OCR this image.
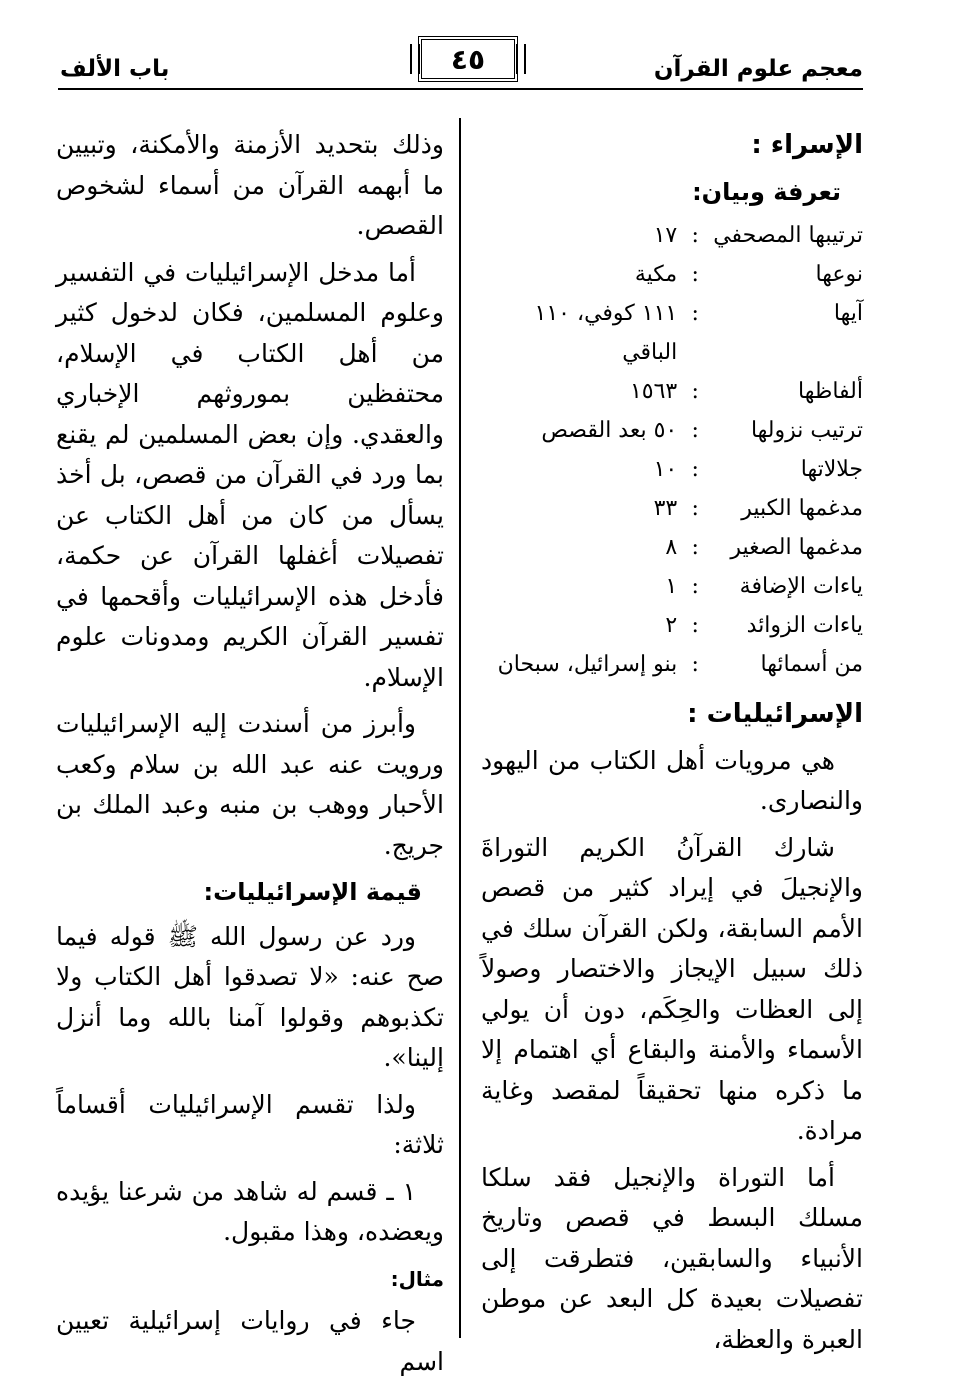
معجم علوم القرآن
٤٥
باب الألف
الإسراء :
تعرفة وبيان:
ترتيبها المصحفي	:	١٧
نوعها	:	مكية
آيها	:	١١١ كوفي، ١١٠ الباقي
ألفاظها	:	١٥٦٣
ترتيب نزولها	:	٥٠ بعد القصص
جلالاتها	:	١٠
مدغمها الكبير	:	٣٣
مدغمها الصغير	:	٨
ياءات الإضافة	:	١
ياءات الزوائد	:	٢
من أسمائها	:	بنو إسرائيل، سبحان
الإسرائيليات :

هي مرويات أهل الكتاب من اليهود والنصارى.

شارك القرآنُ الكريم التوراةَ والإنجيلَ في إيراد كثير من قصص الأمم السابقة، ولكن القرآن سلك في ذلك سبيل الإيجاز والاختصار وصولاً إلى العظات والحِكَم، دون أن يولي الأسماء والأمنة والبقاع أي اهتمام إلا ما ذكره منها تحقيقاً لمقصد وغاية مرادة.

أما التوراة والإنجيل فقد سلكا مسلك البسط في قصص وتاريخ الأنبياء والسابقين، فتطرقت إلى تفصيلات بعيدة كل البعد عن موطن العبرة والعظة،

وذلك بتحديد الأزمنة والأمكنة، وتبيين ما أبهمه القرآن من أسماء لشخوص القصص.

أما مدخل الإسرائيليات في التفسير وعلوم المسلمين، فكان لدخول كثير من أهل الكتاب في الإسلام، محتفظين بموروثهم الإخباري والعقدي. وإن بعض المسلمين لم يقنع بما ورد في القرآن من قصص، بل أخذ يسأل من كان من أهل الكتاب عن تفصيلات أغفلها القرآن عن حكمة، فأدخل هذه الإسرائيليات وأقحمها في تفسير القرآن الكريم ومدونات علوم الإسلام.

وأبرز من أسندت إليه الإسرائيليات ورويت عنه عبد الله بن سلام وكعب الأحبار ووهب بن منبه وعبد الملك بن جريج.

قيمة الإسرائيليات:

ورد عن رسول الله ﷺ قوله فيما صح عنه: «لا تصدقوا أهل الكتاب ولا تكذبوهم وقولوا آمنا بالله وما أنزل إلينا».

ولذا تقسم الإسرائيليات أقساماً ثلاثة:

١ ـ قسم له شاهد من شرعنا يؤيده ويعضده، وهذا مقبول.

مثال:

جاء في روايات إسرائيلية تعيين اسم
